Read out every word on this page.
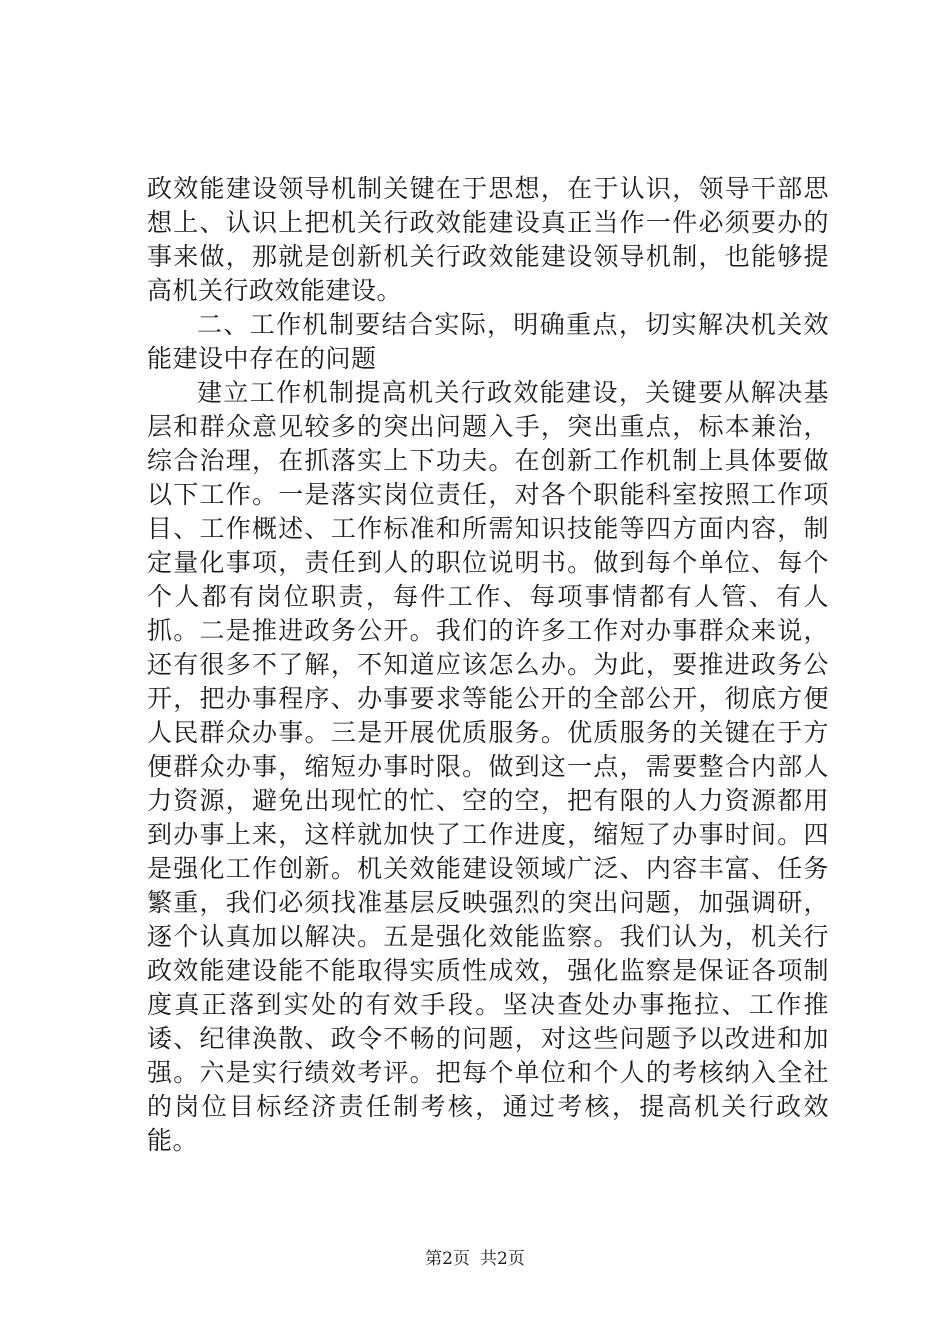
政效能建设领导机制关键在于思想，在于认识，领导干部思想上、认识上把机关行政效能建设真正当作一件必须要办的事来做，那就是创新机关行政效能建设领导机制，也能够提高机关行政效能建设。

二、工作机制要结合实际，明确重点，切实解决机关效能建设中存在的问题

建立工作机制提高机关行政效能建设，关键要从解决基层和群众意见较多的突出问题入手，突出重点，标本兼治，综合治理，在抓落实上下功夫。在创新工作机制上具体要做以下工作。一是落实岗位责任，对各个职能科室按照工作项目、工作概述、工作标准和所需知识技能等四方面内容，制定量化事项，责任到人的职位说明书。做到每个单位、每个个人都有岗位职责，每件工作、每项事情都有人管、有人抓。二是推进政务公开。我们的许多工作对办事群众来说，还有很多不了解，不知道应该怎么办。为此，要推进政务公开，把办事程序、办事要求等能公开的全部公开，彻底方便人民群众办事。三是开展优质服务。优质服务的关键在于方便群众办事，缩短办事时限。做到这一点，需要整合内部人力资源，避免出现忙的忙、空的空，把有限的人力资源都用到办事上来，这样就加快了工作进度，缩短了办事时间。四是强化工作创新。机关效能建设领域广泛、内容丰富、任务繁重，我们必须找准基层反映强烈的突出问题，加强调研，逐个认真加以解决。五是强化效能监察。我们认为，机关行政效能建设能不能取得实质性成效，强化监察是保证各项制度真正落到实处的有效手段。坚决查处办事拖拉、工作推诿、纪律涣散、政令不畅的问题，对这些问题予以改进和加强。六是实行绩效考评。把每个单位和个人的考核纳入全社的岗位目标经济责任制考核，通过考核，提高机关行政效能。

第2页 共2页
